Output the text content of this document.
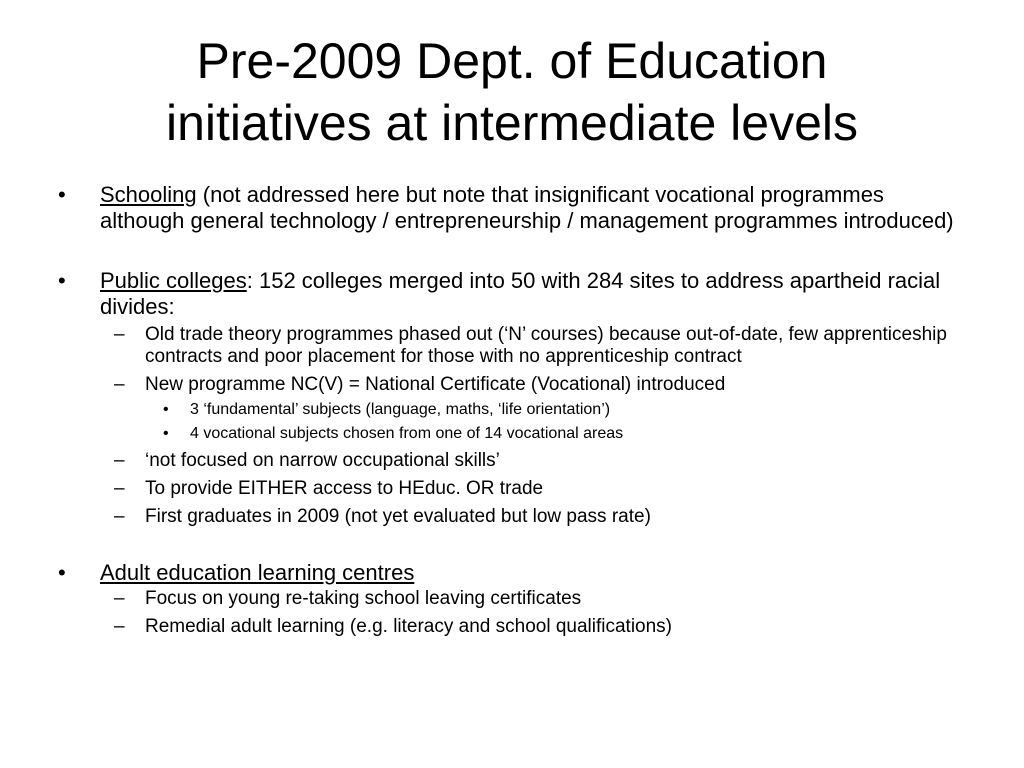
Pre-2009 Dept. of Education
initiatives at intermediate levels
• Schooling (not addressed here but note that insignificant vocational programmes although general technology / entrepreneurship / management programmes introduced)
• Public colleges: 152 colleges merged into 50 with 284 sites to address apartheid racial divides:
– Old trade theory programmes phased out (‘N’ courses) because out-of-date, few apprenticeship contracts and poor placement for those with no apprenticeship contract
– New programme NC(V) = National Certificate (Vocational) introduced
• 3 ‘fundamental’ subjects (language, maths, ‘life orientation’)
• 4 vocational subjects chosen from one of 14 vocational areas
– ‘not focused on narrow occupational skills’
– To provide EITHER access to HEduc. OR trade
– First graduates in 2009 (not yet evaluated but low pass rate)
• Adult education learning centres
– Focus on young re-taking school leaving certificates
– Remedial adult learning (e.g. literacy and school qualifications)
